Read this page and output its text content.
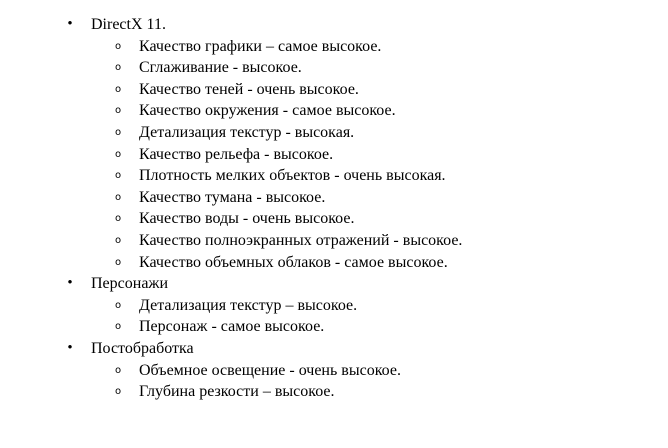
• DirectX 11.
o Качество графики – самое высокое.
o Сглаживание - высокое.
o Качество теней - очень высокое.
o Качество окружения - самое высокое.
o Детализация текстур - высокая.
o Качество рельефа - высокое.
o Плотность мелких объектов - очень высокая.
o Качество тумана - высокое.
o Качество воды - очень высокое.
o Качество полноэкранных отражений - высокое.
o Качество объемных облаков - самое высокое.
• Персонажи
o Детализация текстур – высокое.
o Персонаж - самое высокое.
• Постобработка
o Объемное освещение - очень высокое.
o Глубина резкости – высокое.
